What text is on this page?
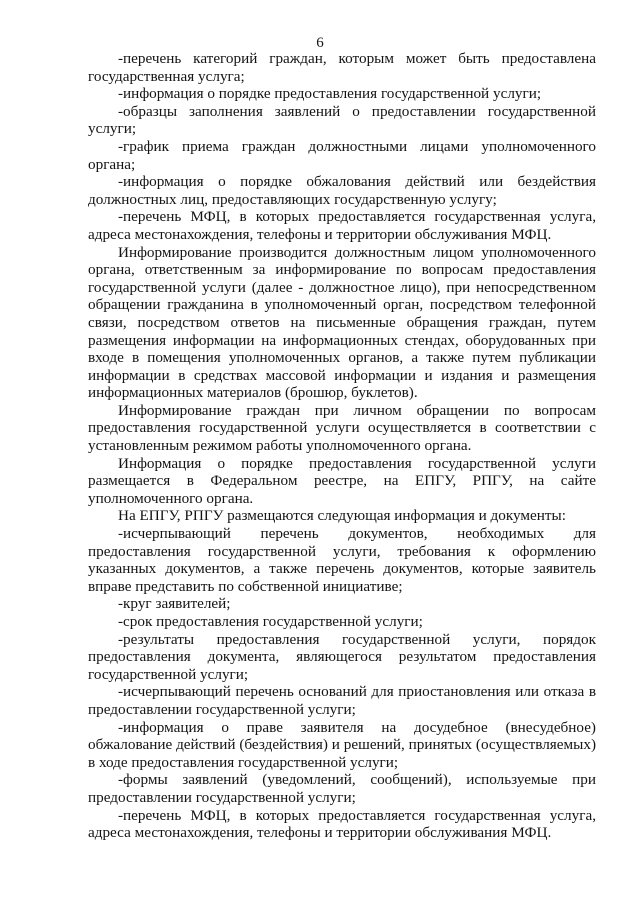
6

-перечень категорий граждан, которым может быть предоставлена государственная услуга;

-информация о порядке предоставления государственной услуги;

-образцы заполнения заявлений о предоставлении государственной услуги;

-график приема граждан должностными лицами уполномоченного органа;

-информация о порядке обжалования действий или бездействия должностных лиц, предоставляющих государственную услугу;

-перечень МФЦ, в которых предоставляется государственная услуга, адреса местонахождения, телефоны и территории обслуживания МФЦ.

Информирование производится должностным лицом уполномоченного органа, ответственным за информирование по вопросам предоставления государственной услуги (далее - должностное лицо), при непосредственном обращении гражданина в уполномоченный орган, посредством телефонной связи, посредством ответов на письменные обращения граждан, путем размещения информации на информационных стендах, оборудованных при входе в помещения уполномоченных органов, а также путем публикации информации в средствах массовой информации и издания и размещения информационных материалов (брошюр, буклетов).

Информирование граждан при личном обращении по вопросам предоставления государственной услуги осуществляется в соответствии с установленным режимом работы уполномоченного органа.

Информация о порядке предоставления государственной услуги размещается в Федеральном реестре, на ЕПГУ, РПГУ, на сайте уполномоченного органа.

На ЕПГУ, РПГУ размещаются следующая информация и документы:

-исчерпывающий перечень документов, необходимых для предоставления государственной услуги, требования к оформлению указанных документов, а также перечень документов, которые заявитель вправе представить по собственной инициативе;

-круг заявителей;

-срок предоставления государственной услуги;

-результаты предоставления государственной услуги, порядок предоставления документа, являющегося результатом предоставления государственной услуги;

-исчерпывающий перечень оснований для приостановления или отказа в предоставлении государственной услуги;

-информация о праве заявителя на досудебное (внесудебное) обжалование действий (бездействия) и решений, принятых (осуществляемых) в ходе предоставления государственной услуги;

-формы заявлений (уведомлений, сообщений), используемые при предоставлении государственной услуги;

-перечень МФЦ, в которых предоставляется государственная услуга, адреса местонахождения, телефоны и территории обслуживания МФЦ.
